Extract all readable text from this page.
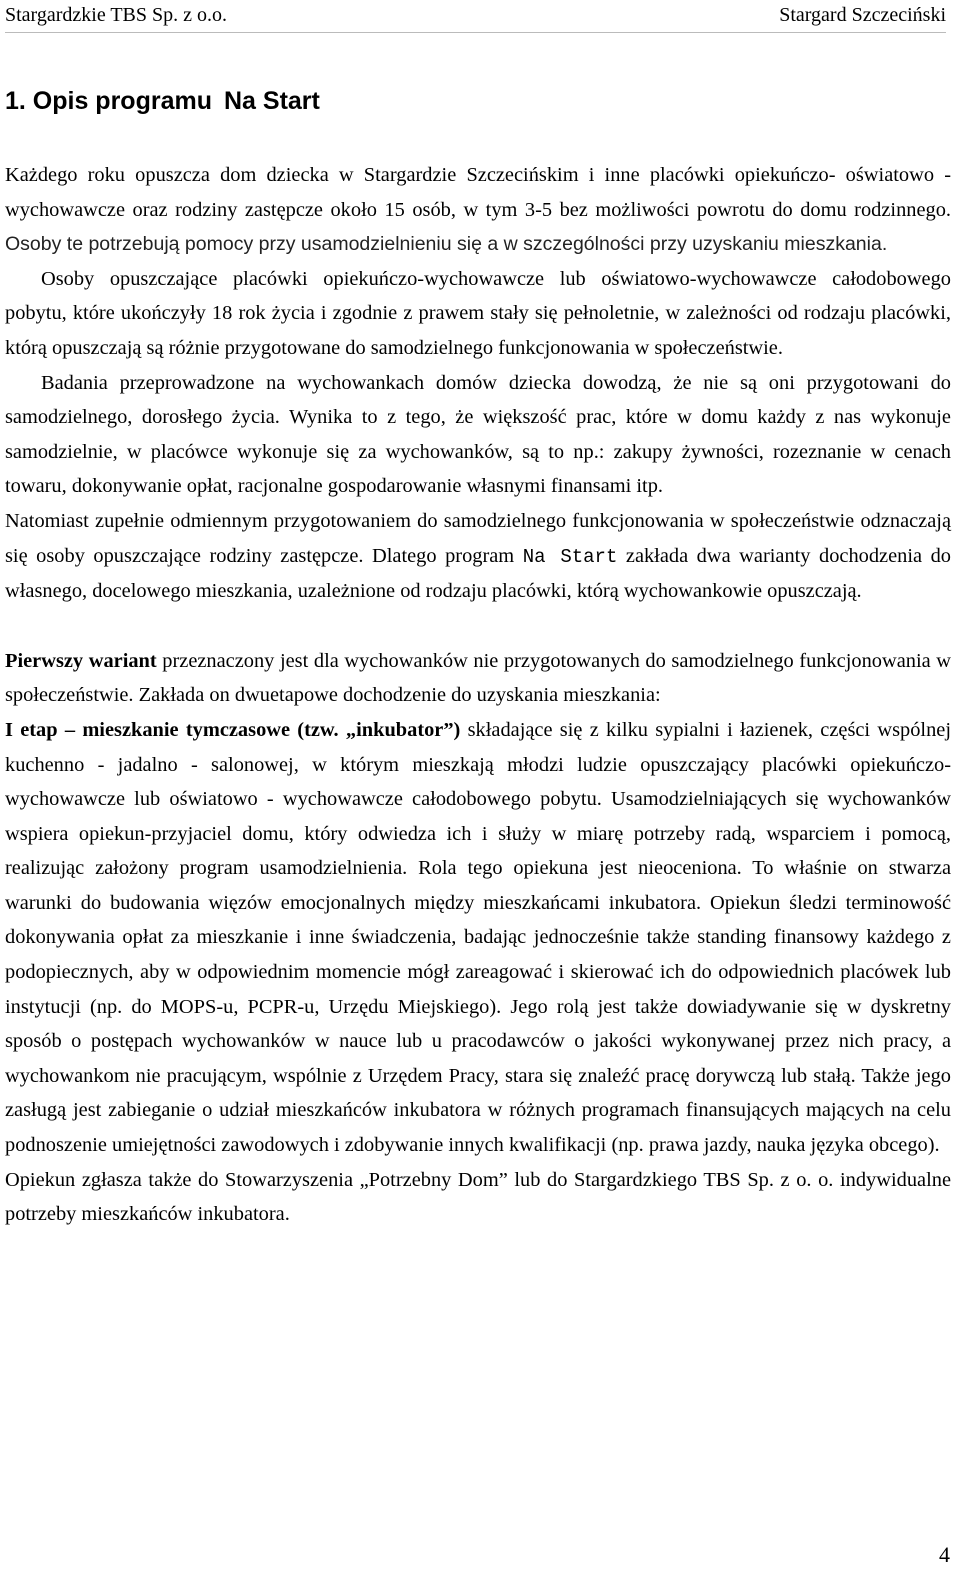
Stargardzkie TBS Sp. z o.o.	Stargard Szczeciński
1. Opis programu Na Start

Każdego roku opuszcza dom dziecka w Stargardzie Szczecińskim i inne placówki opiekuńczo- oświatowo - wychowawcze oraz rodziny zastępcze około 15 osób, w tym 3-5 bez możliwości powrotu do domu rodzinnego. Osoby te potrzebują pomocy przy usamodzielnieniu się a w szczególności przy uzyskaniu mieszkania.

Osoby opuszczające placówki opiekuńczo-wychowawcze lub oświatowo-wychowawcze całodobowego pobytu, które ukończyły 18 rok życia i zgodnie z prawem stały się pełnoletnie, w zależności od rodzaju placówki, którą opuszczają są różnie przygotowane do samodzielnego funkcjonowania w społeczeństwie.

Badania przeprowadzone na wychowankach domów dziecka dowodzą, że nie są oni przygotowani do samodzielnego, dorosłego życia. Wynika to z tego, że większość prac, które w domu każdy z nas wykonuje samodzielnie, w placówce wykonuje się za wychowanków, są to np.: zakupy żywności, rozeznanie w cenach towaru, dokonywanie opłat, racjonalne gospodarowanie własnymi finansami itp.

Natomiast zupełnie odmiennym przygotowaniem do samodzielnego funkcjonowania w społeczeństwie odznaczają się osoby opuszczające rodziny zastępcze. Dlatego program Na Start zakłada dwa warianty dochodzenia do własnego, docelowego mieszkania, uzależnione od rodzaju placówki, którą wychowankowie opuszczają.

Pierwszy wariant przeznaczony jest dla wychowanków nie przygotowanych do samodzielnego funkcjonowania w społeczeństwie. Zakłada on dwuetapowe dochodzenie do uzyskania mieszkania:

I etap – mieszkanie tymczasowe (tzw. „inkubator”) składające się z kilku sypialni i łazienek, części wspólnej kuchenno - jadalno - salonowej, w którym mieszkają młodzi ludzie opuszczający placówki opiekuńczo-wychowawcze lub oświatowo - wychowawcze całodobowego pobytu. Usamodzielniających się wychowanków wspiera opiekun-przyjaciel domu, który odwiedza ich i służy w miarę potrzeby radą, wsparciem i pomocą, realizując założony program usamodzielnienia. Rola tego opiekuna jest nieoceniona. To właśnie on stwarza warunki do budowania więzów emocjonalnych między mieszkańcami inkubatora. Opiekun śledzi terminowość dokonywania opłat za mieszkanie i inne świadczenia, badając jednocześnie także standing finansowy każdego z podopiecznych, aby w odpowiednim momencie mógł zareagować i skierować ich do odpowiednich placówek lub instytucji (np. do MOPS-u, PCPR-u, Urzędu Miejskiego). Jego rolą jest także dowiadywanie się w dyskretny sposób o postępach wychowanków w nauce lub u pracodawców o jakości wykonywanej przez nich pracy, a wychowankom nie pracującym, wspólnie z Urzędem Pracy, stara się znaleźć pracę dorywczą lub stałą. Także jego zasługą jest zabieganie o udział mieszkańców inkubatora w różnych programach finansujących mających na celu podnoszenie umiejętności zawodowych i zdobywanie innych kwalifikacji (np. prawa jazdy, nauka języka obcego).

Opiekun zgłasza także do Stowarzyszenia „Potrzebny Dom” lub do Stargardzkiego TBS Sp. z o. o. indywidualne potrzeby mieszkańców inkubatora.

4
